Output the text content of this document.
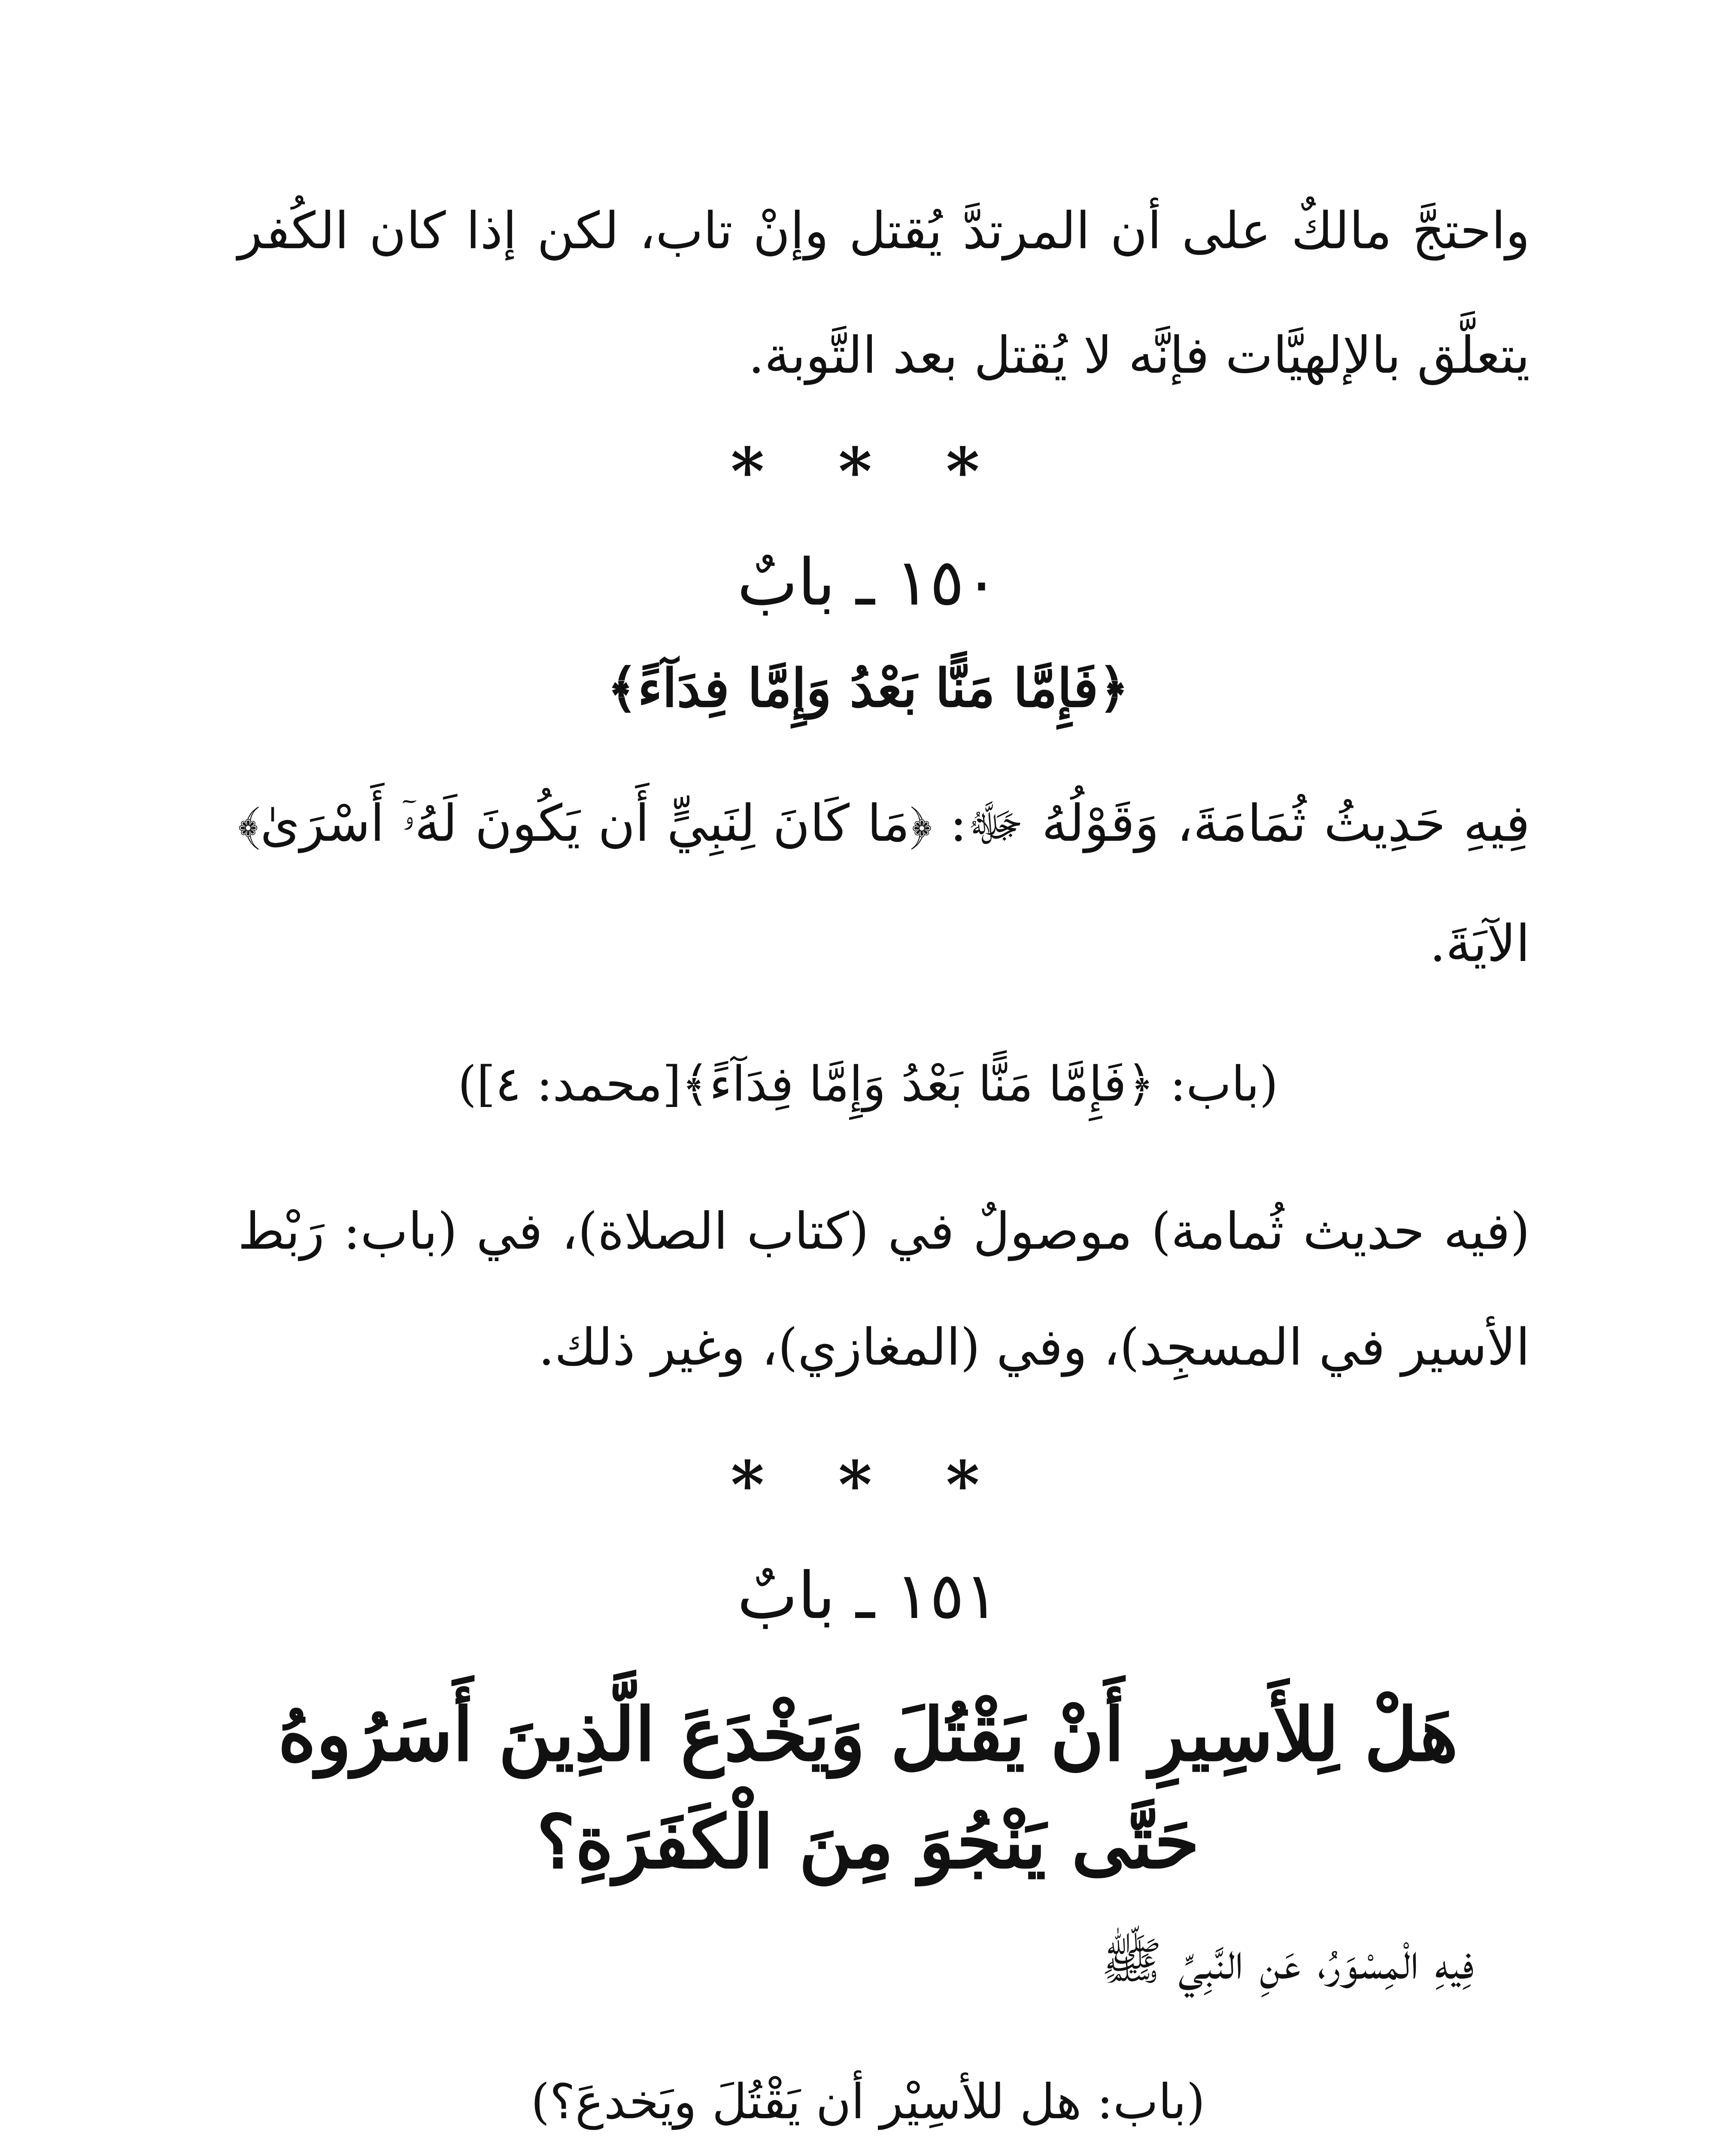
واحتجَّ مالكٌ على أن المرتدَّ يُقتل وإنْ تاب، لكن إذا كان الكُفر
يتعلَّق بالإلهيَّات فإنَّه لا يُقتل بعد التَّوبة.
* * *
١٥٠ ـ بابٌ
﴿فَإِمَّا مَنًّا بَعْدُ وَإِمَّا فِدَآءً﴾
فِيهِ حَدِيثُ ثُمَامَةَ، وَقَوْلُهُ ﷻ: ﴿مَا كَانَ لِنَبِيٍّ أَن يَكُونَ لَهُۥٓ أَسْرَىٰ﴾
الآيَةَ.
(باب: ﴿فَإِمَّا مَنًّا بَعْدُ وَإِمَّا فِدَآءً﴾[محمد: ٤])
(فيه حديث ثُمامة) موصولٌ في (كتاب الصلاة)، في (باب: رَبْط
الأسير في المسجِد)، وفي (المغازي)، وغير ذلك.
* * *
١٥١ ـ بابٌ
هَلْ لِلأَسِيرِ أَنْ يَقْتُلَ وَيَخْدَعَ الَّذِينَ أَسَرُوهُ
حَتَّى يَنْجُوَ مِنَ الْكَفَرَةِ؟
فِيهِ الْمِسْوَرُ، عَنِ النَّبِيِّ ﷺ
(باب: هل للأسِيْر أن يَقْتُلَ ويَخدعَ؟)
